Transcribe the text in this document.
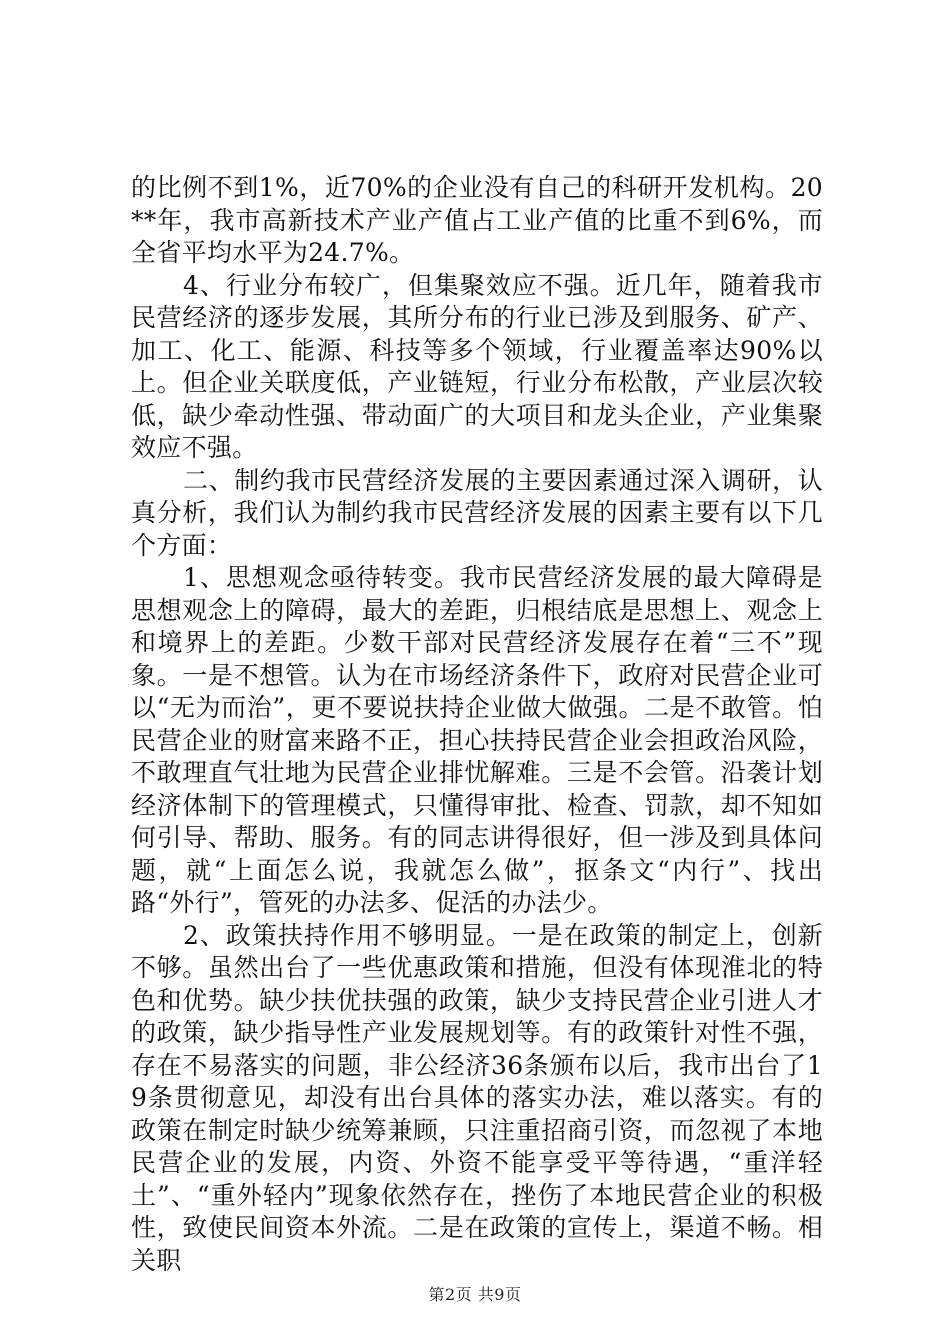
的比例不到1%，近70%的企业没有自己的科研开发机构。20**年，我市高新技术产业产值占工业产值的比重不到6%，而全省平均水平为24.7%。

4、行业分布较广，但集聚效应不强。近几年，随着我市民营经济的逐步发展，其所分布的行业已涉及到服务、矿产、加工、化工、能源、科技等多个领域，行业覆盖率达90%以上。但企业关联度低，产业链短，行业分布松散，产业层次较低，缺少牵动性强、带动面广的大项目和龙头企业，产业集聚效应不强。

二、制约我市民营经济发展的主要因素通过深入调研，认真分析，我们认为制约我市民营经济发展的因素主要有以下几个方面：

1、思想观念亟待转变。我市民营经济发展的最大障碍是思想观念上的障碍，最大的差距，归根结底是思想上、观念上和境界上的差距。少数干部对民营经济发展存在着“三不”现象。一是不想管。认为在市场经济条件下，政府对民营企业可以“无为而治”，更不要说扶持企业做大做强。二是不敢管。怕民营企业的财富来路不正，担心扶持民营企业会担政治风险，不敢理直气壮地为民营企业排忧解难。三是不会管。沿袭计划经济体制下的管理模式，只懂得审批、检查、罚款，却不知如何引导、帮助、服务。有的同志讲得很好，但一涉及到具体问题，就“上面怎么说，我就怎么做”，抠条文“内行”、找出路“外行”，管死的办法多、促活的办法少。

2、政策扶持作用不够明显。一是在政策的制定上，创新不够。虽然出台了一些优惠政策和措施，但没有体现淮北的特色和优势。缺少扶优扶强的政策，缺少支持民营企业引进人才的政策，缺少指导性产业发展规划等。有的政策针对性不强，存在不易落实的问题，非公经济36条颁布以后，我市出台了19条贯彻意见，却没有出台具体的落实办法，难以落实。有的政策在制定时缺少统筹兼顾，只注重招商引资，而忽视了本地民营企业的发展，内资、外资不能享受平等待遇，“重洋轻土”、“重外轻内”现象依然存在，挫伤了本地民营企业的积极性，致使民间资本外流。二是在政策的宣传上，渠道不畅。相关职

第2页 共9页
